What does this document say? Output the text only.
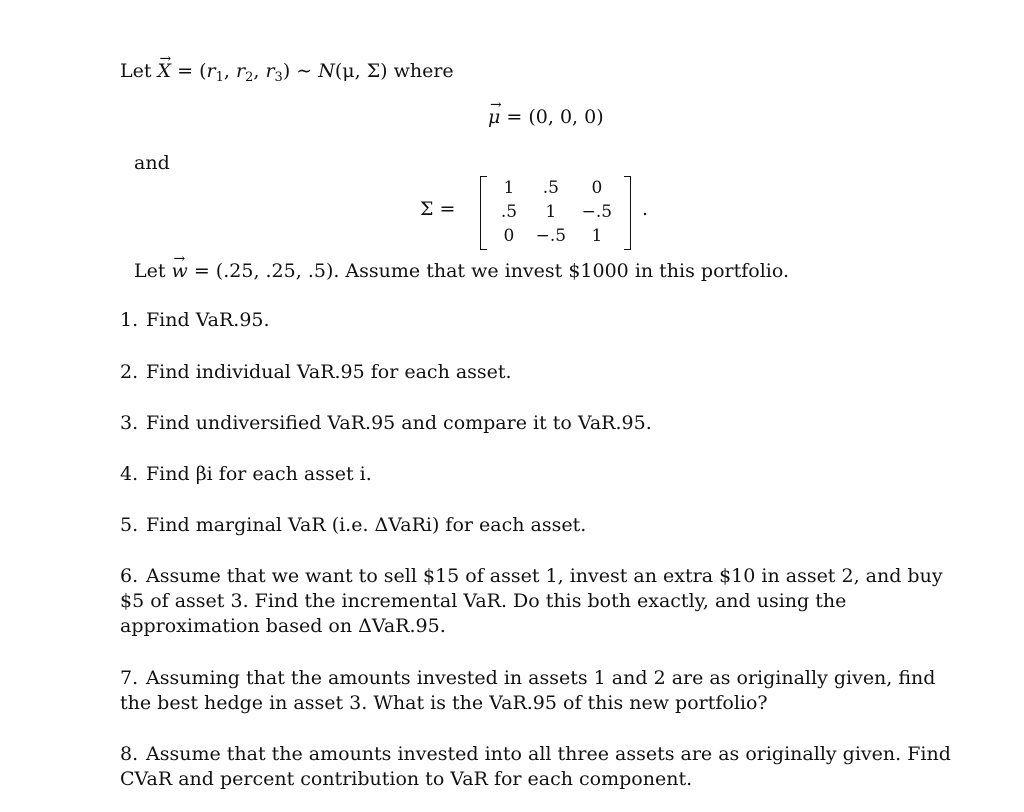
Let → $X = (r_1$, $r_2$, $r_3$) ∼ N(μ, Σ) where
→ μ = (0, 0, 0)
and
Σ =
1	.5	0
.5	1	−.5
0	−.5	1
.
Let → w = (.25, .25, .5). Assume that we invest $1000 in this portfolio.
1. Find VaR.95.
2. Find individual VaR.95 for each asset.
3. Find undiversified VaR.95 and compare it to VaR.95.
4. Find βi for each asset i.
5. Find marginal VaR (i.e. ΔVaRi) for each asset.
6. Assume that we want to sell $15 of asset 1, invest an extra $10 in asset 2, and buy $5 of asset 3. Find the incremental VaR. Do this both exactly, and using the approximation based on ΔVaR.95.
7. Assuming that the amounts invested in assets 1 and 2 are as originally given, find the best hedge in asset 3. What is the VaR.95 of this new portfolio?
8. Assume that the amounts invested into all three assets are as originally given. Find CVaR and percent contribution to VaR for each component.
